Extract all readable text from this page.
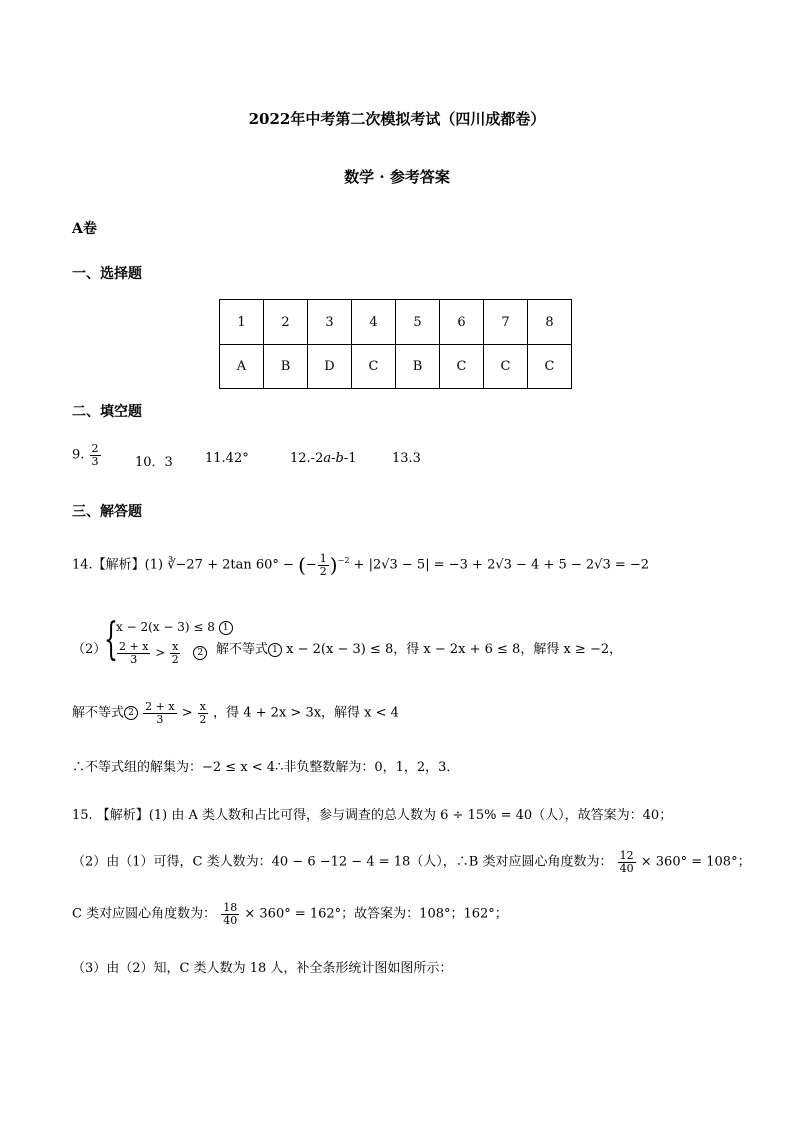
2022年中考第二次模拟考试（四川成都卷）
数学 · 参考答案
A卷
一、选择题
1	2	3	4	5	6	7	8
A	B	D	C	B	C	C	C
二、填空题
9. $\frac{2}{3}$	10．3 11.42°	12.-2a-b-1	13.3
三、解答题
14.【解析】(1) ∛−27 + 2tan 60° − (− $\frac{1}{2} )^{-2} + |2√3 - 5| = -3 + 2√3 - 4 + 5 - 2√3 = -2$
（2）
{
x − 2(x − 3) ≤ 8 1
$\frac{2 + x}{3} > \frac{x}{2} 2$ 解不等式 1 x − 2(x − 3) ≤ 8，得 x − 2x + 6 ≤ 8，解得 x ≥ −2，
解不等式 $2 \frac{2 + x}{3} > \frac{x}{2}$ ，得 4 + 2x > 3x，解得 x < 4
∴不等式组的解集为：−2 ≤ x < 4∴非负整数解为：0，1，2，3．
15. 【解析】(1) 由 A 类人数和占比可得，参与调查的总人数为 6 ÷ 15% = 40（人），故答案为：40；
（2）由（1）可得，C 类人数为：40 − 6 −12 − 4 = 18（人），∴B 类对应圆心角度数为： $\frac{12}{40} \times 360^\circ = 108^\circ$；
C 类对应圆心角度数为： $\frac{18}{40} \times 360^\circ = 162^\circ$；故答案为：108°；162°；
（3）由（2）知，C 类人数为 18 人，补全条形统计图如图所示：
